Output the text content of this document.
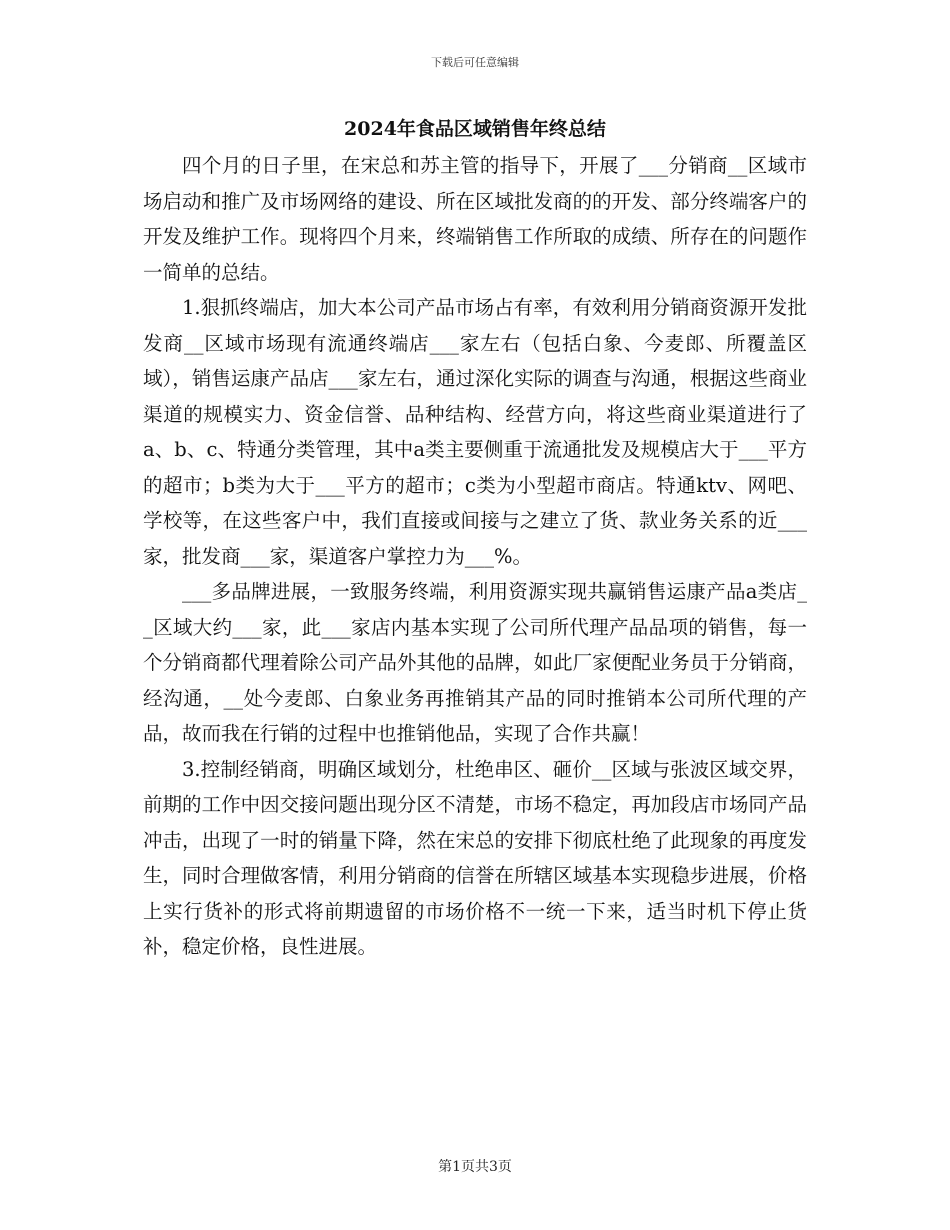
下载后可任意编辑
2024年食品区域销售年终总结

四个月的日子里，在宋总和苏主管的指导下，开展了___分销商__区域市场启动和推广及市场网络的建设、所在区域批发商的的开发、部分终端客户的开发及维护工作。现将四个月来，终端销售工作所取的成绩、所存在的问题作一简单的总结。

1.狠抓终端店，加大本公司产品市场占有率，有效利用分销商资源开发批发商__区域市场现有流通终端店___家左右（包括白象、今麦郎、所覆盖区域），销售运康产品店___家左右，通过深化实际的调查与沟通，根据这些商业渠道的规模实力、资金信誉、品种结构、经营方向，将这些商业渠道进行了a、b、c、特通分类管理，其中a类主要侧重于流通批发及规模店大于___平方的超市；b类为大于___平方的超市；c类为小型超市商店。特通ktv、网吧、学校等，在这些客户中，我们直接或间接与之建立了货、款业务关系的近___家，批发商___家，渠道客户掌控力为___%。

___多品牌进展，一致服务终端，利用资源实现共赢销售运康产品a类店__区域大约___家，此___家店内基本实现了公司所代理产品品项的销售，每一个分销商都代理着除公司产品外其他的品牌，如此厂家便配业务员于分销商，经沟通，__处今麦郎、白象业务再推销其产品的同时推销本公司所代理的产品，故而我在行销的过程中也推销他品，实现了合作共赢！

3.控制经销商，明确区域划分，杜绝串区、砸价__区域与张波区域交界，前期的工作中因交接问题出现分区不清楚，市场不稳定，再加段店市场同产品冲击，出现了一时的销量下降，然在宋总的安排下彻底杜绝了此现象的再度发生，同时合理做客情，利用分销商的信誉在所辖区域基本实现稳步进展，价格上实行货补的形式将前期遗留的市场价格不一统一下来，适当时机下停止货补，稳定价格，良性进展。

第1页共3页
